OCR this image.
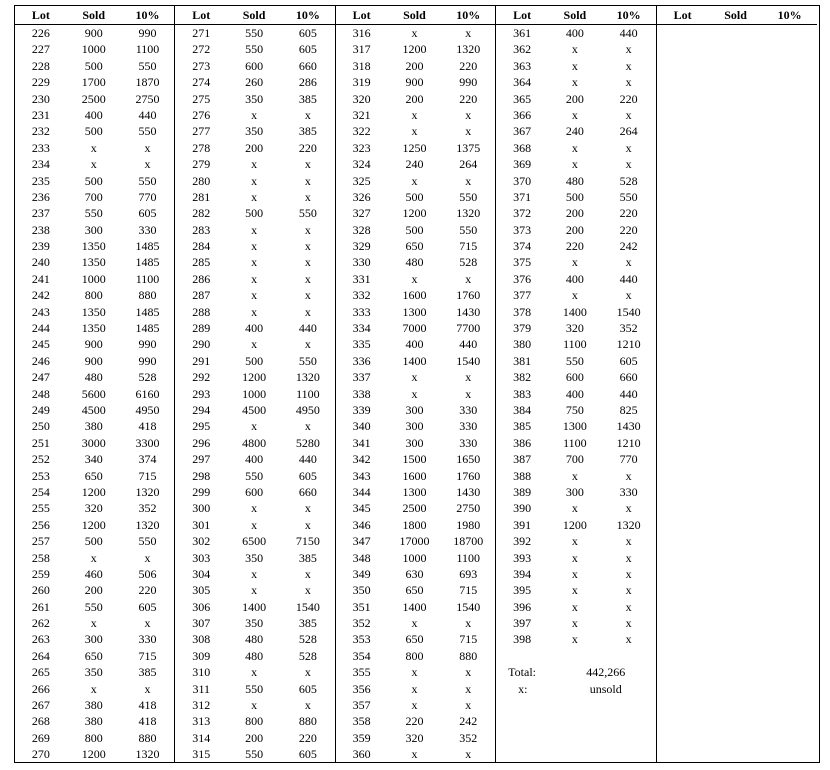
Lot	Sold	10%
226	900	990
227	1000	1100
228	500	550
229	1700	1870
230	2500	2750
231	400	440
232	500	550
233	x	x
234	x	x
235	500	550
236	700	770
237	550	605
238	300	330
239	1350	1485
240	1350	1485
241	1000	1100
242	800	880
243	1350	1485
244	1350	1485
245	900	990
246	900	990
247	480	528
248	5600	6160
249	4500	4950
250	380	418
251	3000	3300
252	340	374
253	650	715
254	1200	1320
255	320	352
256	1200	1320
257	500	550
258	x	x
259	460	506
260	200	220
261	550	605
262	x	x
263	300	330
264	650	715
265	350	385
266	x	x
267	380	418
268	380	418
269	800	880
270	1200	1320
Lot	Sold	10%
271	550	605
272	550	605
273	600	660
274	260	286
275	350	385
276	x	x
277	350	385
278	200	220
279	x	x
280	x	x
281	x	x
282	500	550
283	x	x
284	x	x
285	x	x
286	x	x
287	x	x
288	x	x
289	400	440
290	x	x
291	500	550
292	1200	1320
293	1000	1100
294	4500	4950
295	x	x
296	4800	5280
297	400	440
298	550	605
299	600	660
300	x	x
301	x	x
302	6500	7150
303	350	385
304	x	x
305	x	x
306	1400	1540
307	350	385
308	480	528
309	480	528
310	x	x
311	550	605
312	x	x
313	800	880
314	200	220
315	550	605
Lot	Sold	10%
316	x	x
317	1200	1320
318	200	220
319	900	990
320	200	220
321	x	x
322	x	x
323	1250	1375
324	240	264
325	x	x
326	500	550
327	1200	1320
328	500	550
329	650	715
330	480	528
331	x	x
332	1600	1760
333	1300	1430
334	7000	7700
335	400	440
336	1400	1540
337	x	x
338	x	x
339	300	330
340	300	330
341	300	330
342	1500	1650
343	1600	1760
344	1300	1430
345	2500	2750
346	1800	1980
347	17000	18700
348	1000	1100
349	630	693
350	650	715
351	1400	1540
352	x	x
353	650	715
354	800	880
355	x	x
356	x	x
357	x	x
358	220	242
359	320	352
360	x	x
Lot	Sold	10%
361	400	440
362	x	x
363	x	x
364	x	x
365	200	220
366	x	x
367	240	264
368	x	x
369	x	x
370	480	528
371	500	550
372	200	220
373	200	220
374	220	242
375	x	x
376	400	440
377	x	x
378	1400	1540
379	320	352
380	1100	1210
381	550	605
382	600	660
383	400	440
384	750	825
385	1300	1430
386	1100	1210
387	700	770
388	x	x
389	300	330
390	x	x
391	1200	1320
392	x	x
393	x	x
394	x	x
395	x	x
396	x	x
397	x	x
398	x	x
Total:	442,266
x:	unsold
Lot	Sold	10%
